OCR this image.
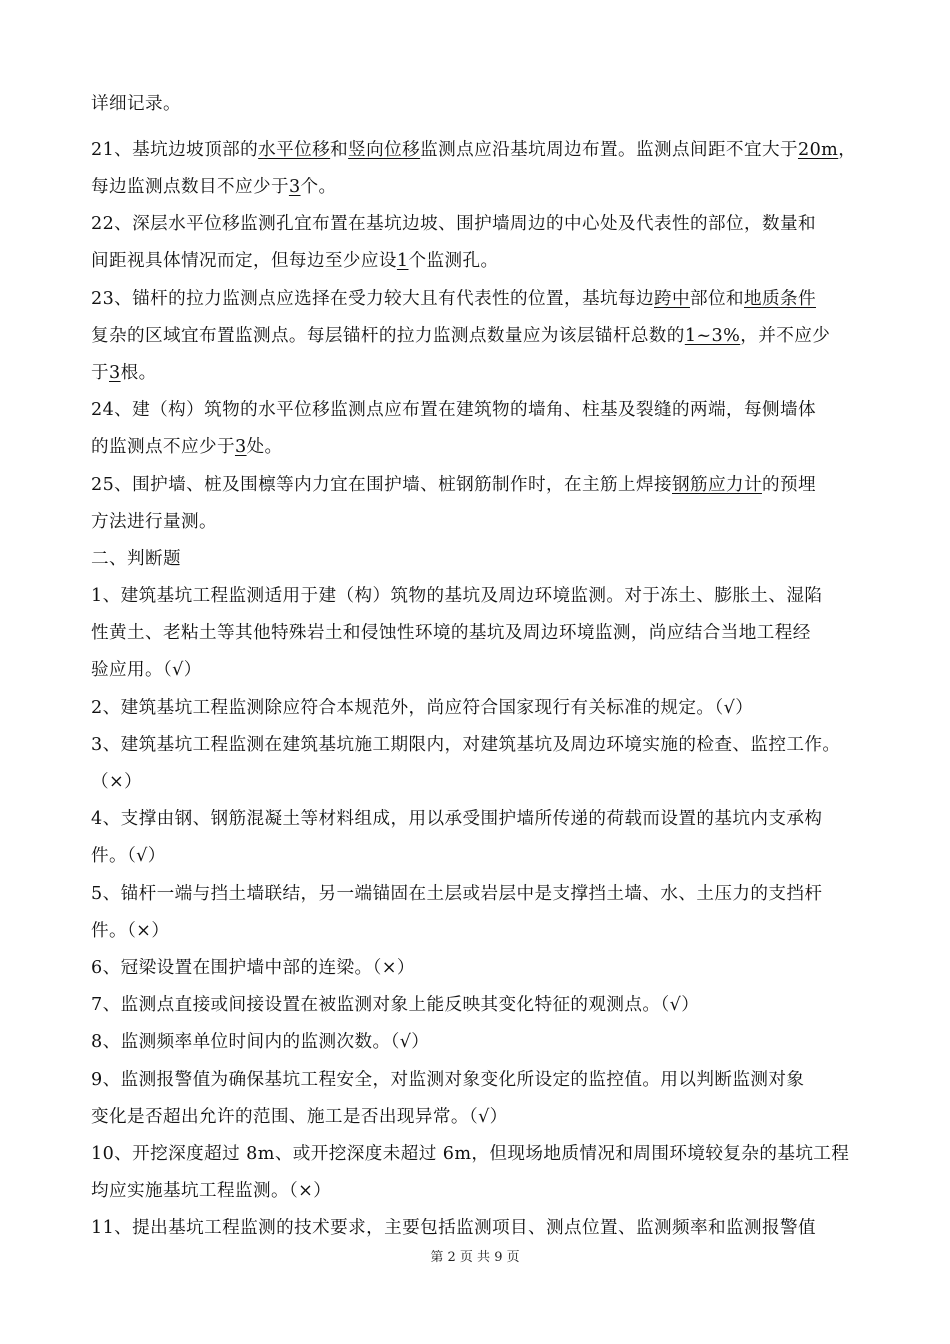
详细记录。
21、基坑边坡顶部的水平位移和竖向位移监测点应沿基坑周边布置。监测点间距不宜大于20m，
每边监测点数目不应少于3个。
22、深层水平位移监测孔宜布置在基坑边坡、围护墙周边的中心处及代表性的部位，数量和
间距视具体情况而定，但每边至少应设1个监测孔。
23、锚杆的拉力监测点应选择在受力较大且有代表性的位置，基坑每边跨中部位和地质条件
复杂的区域宜布置监测点。每层锚杆的拉力监测点数量应为该层锚杆总数的1~3%，并不应少
于3根。
24、建（构）筑物的水平位移监测点应布置在建筑物的墙角、柱基及裂缝的两端，每侧墙体
的监测点不应少于3处。
25、围护墙、桩及围檩等内力宜在围护墙、桩钢筋制作时，在主筋上焊接钢筋应力计的预埋
方法进行量测。
二、判断题
1、建筑基坑工程监测适用于建（构）筑物的基坑及周边环境监测。对于冻土、膨胀土、湿陷
性黄土、老粘土等其他特殊岩土和侵蚀性环境的基坑及周边环境监测，尚应结合当地工程经
验应用。（√）
2、建筑基坑工程监测除应符合本规范外，尚应符合国家现行有关标准的规定。（√）
3、建筑基坑工程监测在建筑基坑施工期限内，对建筑基坑及周边环境实施的检查、监控工作。
（×）
4、支撑由钢、钢筋混凝土等材料组成，用以承受围护墙所传递的荷载而设置的基坑内支承构
件。（√）
5、锚杆一端与挡土墙联结，另一端锚固在土层或岩层中是支撑挡土墙、水、土压力的支挡杆
件。（×）
6、冠梁设置在围护墙中部的连梁。（×）
7、监测点直接或间接设置在被监测对象上能反映其变化特征的观测点。（√）
8、监测频率单位时间内的监测次数。（√）
9、监测报警值为确保基坑工程安全，对监测对象变化所设定的监控值。用以判断监测对象
变化是否超出允许的范围、施工是否出现异常。（√）
10、开挖深度超过 8m、或开挖深度未超过 6m，但现场地质情况和周围环境较复杂的基坑工程
均应实施基坑工程监测。（×）
11、提出基坑工程监测的技术要求，主要包括监测项目、测点位置、监测频率和监测报警值
第 2 页 共 9 页
